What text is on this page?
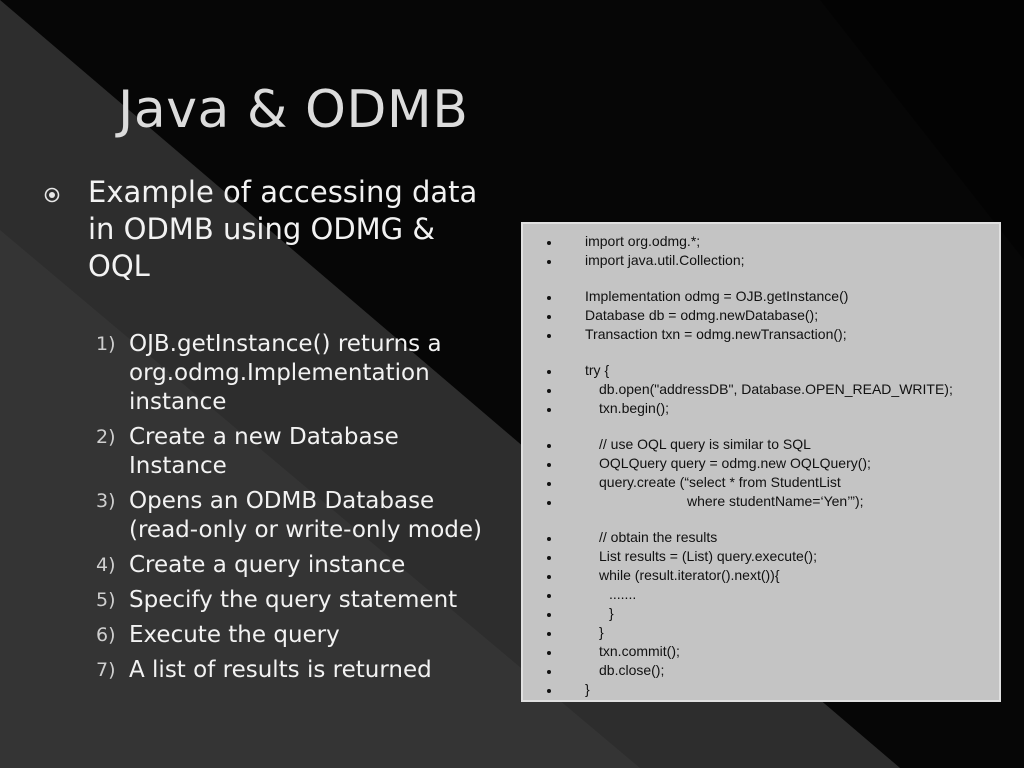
Java & ODMB
Example of accessing data in ODMB using ODMG & OQL
1) OJB.getInstance() returns a
org.odmg.Implementation
instance
2) Create a new Database
Instance
3) Opens an ODMB Database
(read-only or write-only mode)
4) Create a query instance
5) Specify the query statement
6) Execute the query
7) A list of results is returned
import org.odmg.*;
import java.util.Collection;
Implementation odmg = OJB.getInstance()
Database db = odmg.newDatabase();
Transaction txn = odmg.newTransaction();
try {
db.open("addressDB", Database.OPEN_READ_WRITE);
txn.begin();
// use OQL query is similar to SQL
OQLQuery query = odmg.new OQLQuery();
query.create (“select * from StudentList
where studentName=‘Yen’”);
// obtain the results
List results = (List) query.execute();
while (result.iterator().next()){
.......
}
}
txn.commit();
db.close();
}
